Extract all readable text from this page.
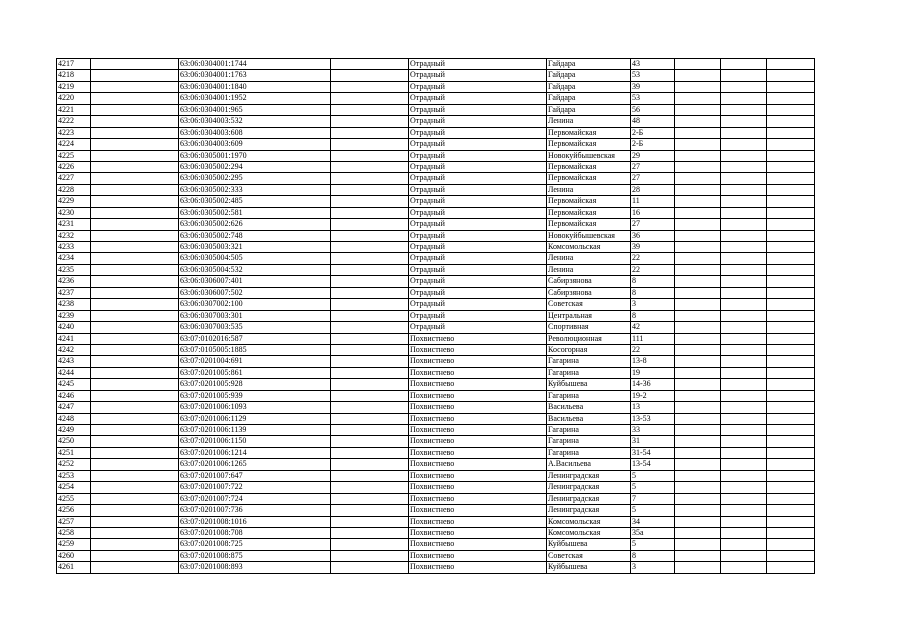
4217		63:06:0304001:1744		Отрадный	Гайдара	43			
4218		63:06:0304001:1763		Отрадный	Гайдара	53			
4219		63:06:0304001:1840		Отрадный	Гайдара	39			
4220		63:06:0304001:1952		Отрадный	Гайдара	53			
4221		63:06:0304001:965		Отрадный	Гайдара	56			
4222		63:06:0304003:532		Отрадный	Ленина	48			
4223		63:06:0304003:608		Отрадный	Первомайская	2-Б			
4224		63:06:0304003:609		Отрадный	Первомайская	2-Б			
4225		63:06:0305001:1970		Отрадный	Новокуйбышевская	29			
4226		63:06:0305002:294		Отрадный	Первомайская	27			
4227		63:06:0305002:295		Отрадный	Первомайская	27			
4228		63:06:0305002:333		Отрадный	Ленина	28			
4229		63:06:0305002:485		Отрадный	Первомайская	11			
4230		63:06:0305002:581		Отрадный	Первомайская	16			
4231		63:06:0305002:626		Отрадный	Первомайская	27			
4232		63:06:0305002:748		Отрадный	Новокуйбышевская	36			
4233		63:06:0305003:321		Отрадный	Комсомольская	39			
4234		63:06:0305004:505		Отрадный	Ленина	22			
4235		63:06:0305004:532		Отрадный	Ленина	22			
4236		63:06:0306007:401		Отрадный	Сабирзянова	8			
4237		63:06:0306007:502		Отрадный	Сабирзянова	8			
4238		63:06:0307002:100		Отрадный	Советская	3			
4239		63:06:0307003:301		Отрадный	Центральная	8			
4240		63:06:0307003:535		Отрадный	Спортивная	42			
4241		63:07:0102016:587		Похвистнево	Революционная	111			
4242		63:07:0105005:1885		Похвистнево	Косогорная	22			
4243		63:07:0201004:691		Похвистнево	Гагарина	13-8			
4244		63:07:0201005:861		Похвистнево	Гагарина	19			
4245		63:07:0201005:928		Похвистнево	Куйбышева	14-36			
4246		63:07:0201005:939		Похвистнево	Гагарина	19-2			
4247		63:07:0201006:1093		Похвистнево	Васильева	13			
4248		63:07:0201006:1129		Похвистнево	Васильева	13-53			
4249		63:07:0201006:1139		Похвистнево	Гагарина	33			
4250		63:07:0201006:1150		Похвистнево	Гагарина	31			
4251		63:07:0201006:1214		Похвистнево	Гагарина	31-54			
4252		63:07:0201006:1265		Похвистнево	А.Васильева	13-54			
4253		63:07:0201007:647		Похвистнево	Ленинградская	5			
4254		63:07:0201007:722		Похвистнево	Ленинградская	5			
4255		63:07:0201007:724		Похвистнево	Ленинградская	7			
4256		63:07:0201007:736		Похвистнево	Ленинградская	5			
4257		63:07:0201008:1016		Похвистнево	Комсомольская	34			
4258		63:07:0201008:708		Похвистнево	Комсомольская	35а			
4259		63:07:0201008:725		Похвистнево	Куйбышева	5			
4260		63:07:0201008:875		Похвистнево	Советская	8			
4261		63:07:0201008:893		Похвистнево	Куйбышева	3			
